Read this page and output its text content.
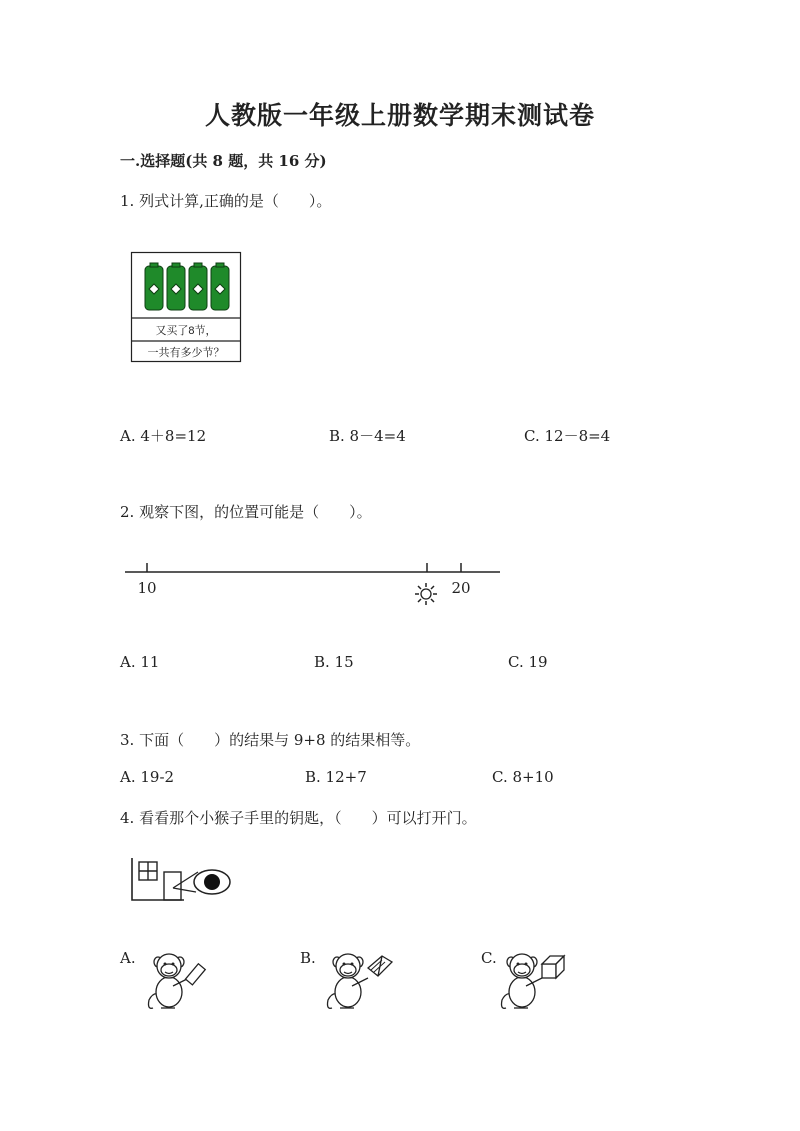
人教版一年级上册数学期末测试卷
一.选择题(共 8 题，共 16 分)
1. 列式计算,正确的是（　　）。
又买了8节，
一共有多少节？
A. 4＋8=12	B. 8－4=4	C. 12－8=4
2. 观察下图，的位置可能是（　　）。
10	20
A. 11	B. 15	C. 19
3. 下面（　　）的结果与 9+8 的结果相等。
A. 19-2	B. 12+7	C. 8+10
4. 看看那个小猴子手里的钥匙，（　　）可以打开门。
A.	B.	C.
